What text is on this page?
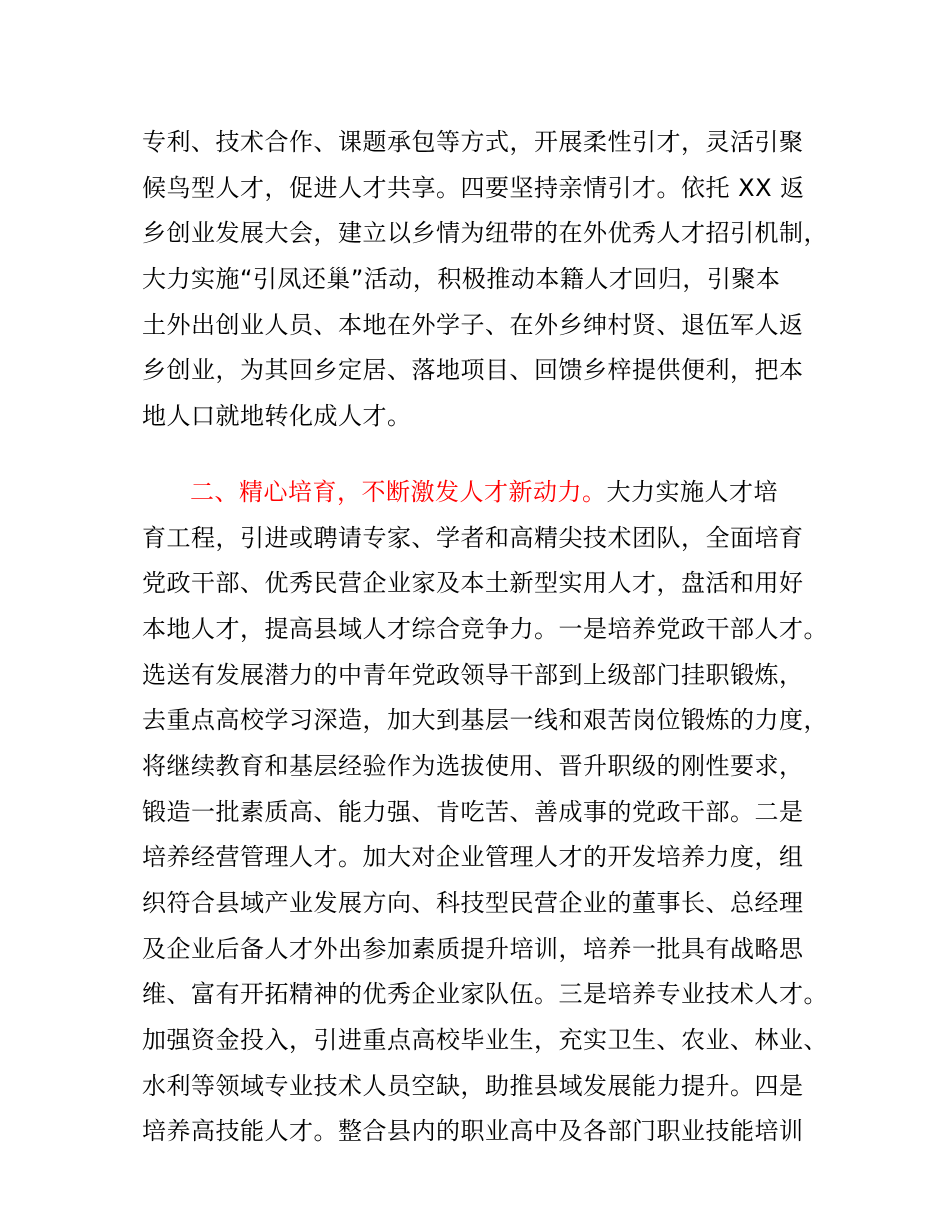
专利、技术合作、课题承包等方式，开展柔性引才，灵活引聚
候鸟型人才，促进人才共享。四要坚持亲情引才。依托 XX 返
乡创业发展大会，建立以乡情为纽带的在外优秀人才招引机制，
大力实施“引凤还巢”活动，积极推动本籍人才回归，引聚本
土外出创业人员、本地在外学子、在外乡绅村贤、退伍军人返
乡创业，为其回乡定居、落地项目、回馈乡梓提供便利，把本
地人口就地转化成人才。
二、精心培育，不断激发人才新动力。大力实施人才培
育工程，引进或聘请专家、学者和高精尖技术团队，全面培育
党政干部、优秀民营企业家及本土新型实用人才，盘活和用好
本地人才，提高县域人才综合竞争力。一是培养党政干部人才。
选送有发展潜力的中青年党政领导干部到上级部门挂职锻炼，
去重点高校学习深造，加大到基层一线和艰苦岗位锻炼的力度，
将继续教育和基层经验作为选拔使用、晋升职级的刚性要求，
锻造一批素质高、能力强、肯吃苦、善成事的党政干部。二是
培养经营管理人才。加大对企业管理人才的开发培养力度，组
织符合县域产业发展方向、科技型民营企业的董事长、总经理
及企业后备人才外出参加素质提升培训，培养一批具有战略思
维、富有开拓精神的优秀企业家队伍。三是培养专业技术人才。
加强资金投入，引进重点高校毕业生，充实卫生、农业、林业、
水利等领域专业技术人员空缺，助推县域发展能力提升。四是
培养高技能人才。整合县内的职业高中及各部门职业技能培训
